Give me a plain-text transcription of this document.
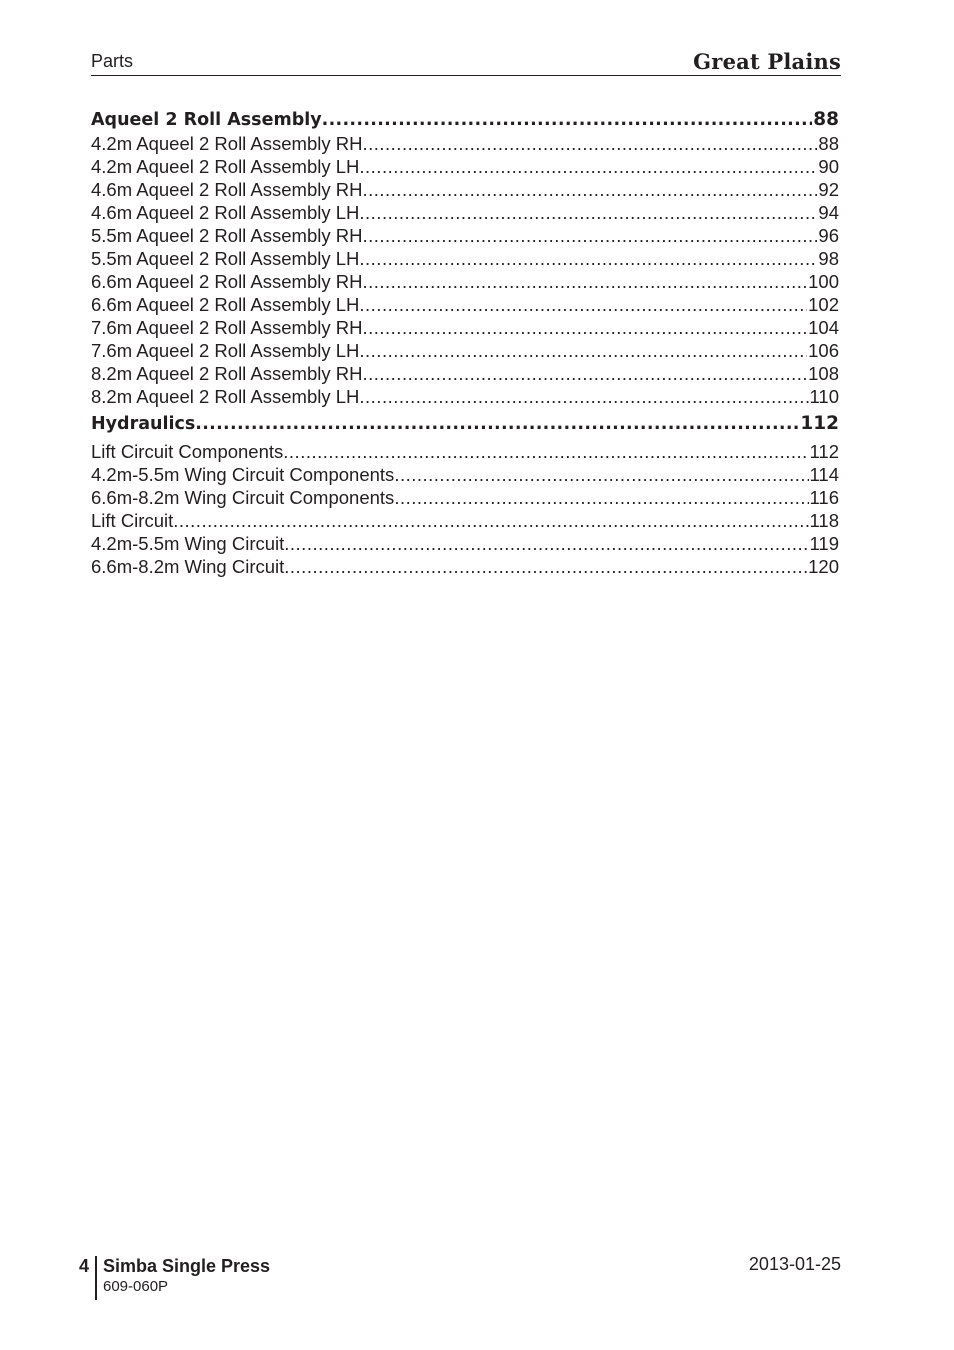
Parts	Great Plains
Aqueel 2 Roll Assembly .....	88
4.2m Aqueel 2 Roll Assembly RH .....	88
4.2m Aqueel 2 Roll Assembly LH .....	90
4.6m Aqueel 2 Roll Assembly RH .....	92
4.6m Aqueel 2 Roll Assembly LH .....	94
5.5m Aqueel 2 Roll Assembly RH .....	96
5.5m Aqueel 2 Roll Assembly LH .....	98
6.6m Aqueel 2 Roll Assembly RH .....	100
6.6m Aqueel 2 Roll Assembly LH .....	102
7.6m Aqueel 2 Roll Assembly RH .....	104
7.6m Aqueel 2 Roll Assembly LH .....	106
8.2m Aqueel 2 Roll Assembly RH .....	108
8.2m Aqueel 2 Roll Assembly LH .....	110
Hydraulics .....	112
Lift Circuit Components .....	112
4.2m-5.5m Wing Circuit Components .....	114
6.6m-8.2m Wing Circuit Components .....	116
Lift Circuit .....	118
4.2m-5.5m Wing Circuit .....	119
6.6m-8.2m Wing Circuit .....	120
4 Simba Single Press
609-060P
2013-01-25
